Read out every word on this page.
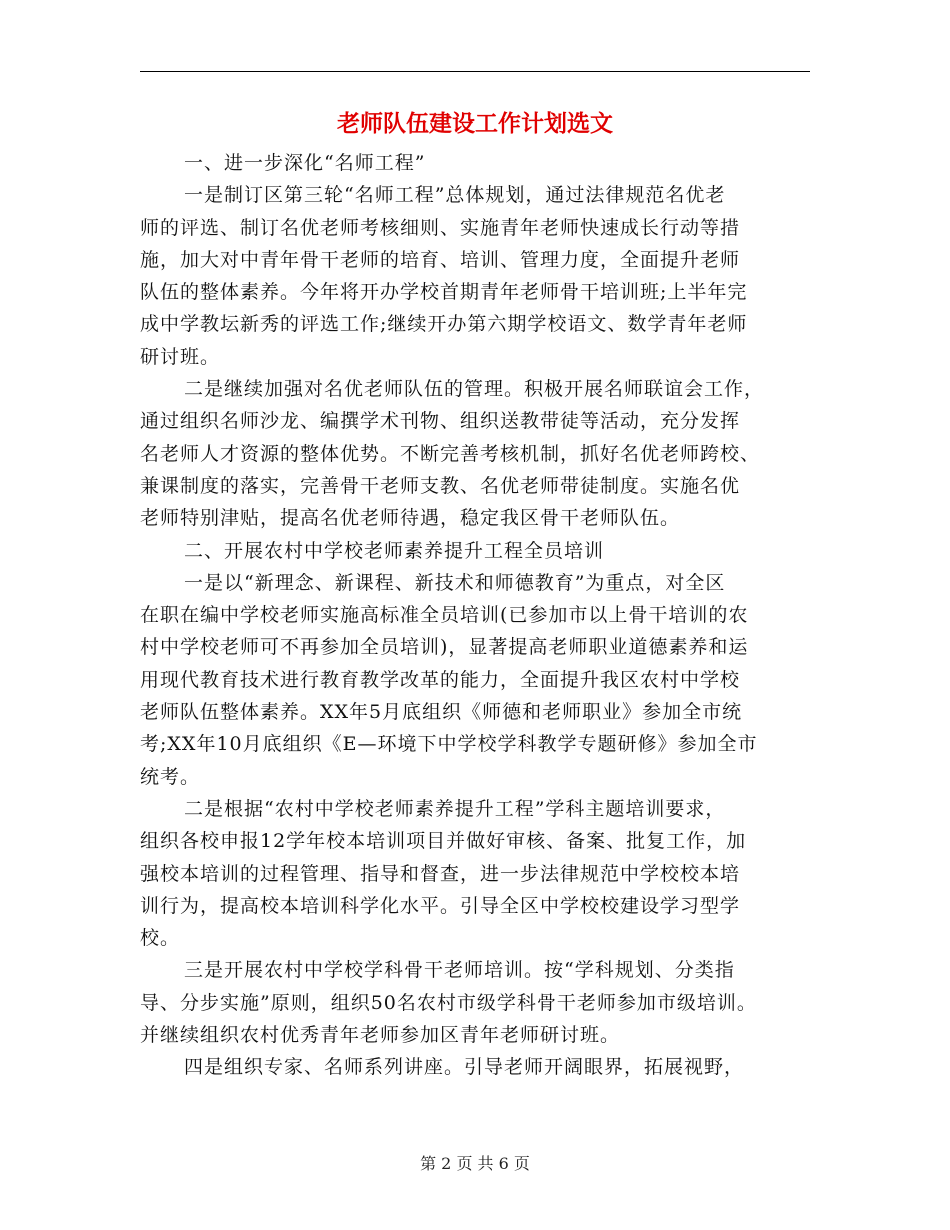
老师队伍建设工作计划选文
一、进一步深化“名师工程”
一是制订区第三轮“名师工程”总体规划，通过法律规范名优老
师的评选、制订名优老师考核细则、实施青年老师快速成长行动等措
施，加大对中青年骨干老师的培育、培训、管理力度，全面提升老师
队伍的整体素养。今年将开办学校首期青年老师骨干培训班;上半年完
成中学教坛新秀的评选工作;继续开办第六期学校语文、数学青年老师
研讨班。
二是继续加强对名优老师队伍的管理。积极开展名师联谊会工作，
通过组织名师沙龙、编撰学术刊物、组织送教带徒等活动，充分发挥
名老师人才资源的整体优势。不断完善考核机制，抓好名优老师跨校、
兼课制度的落实，完善骨干老师支教、名优老师带徒制度。实施名优
老师特别津贴，提高名优老师待遇，稳定我区骨干老师队伍。
二、开展农村中学校老师素养提升工程全员培训
一是以“新理念、新课程、新技术和师德教育”为重点，对全区
在职在编中学校老师实施高标准全员培训(已参加市以上骨干培训的农
村中学校老师可不再参加全员培训)，显著提高老师职业道德素养和运
用现代教育技术进行教育教学改革的能力，全面提升我区农村中学校
老师队伍整体素养。XX年5月底组织《师德和老师职业》参加全市统
考;XX年10月底组织《E—环境下中学校学科教学专题研修》参加全市
统考。
二是根据“农村中学校老师素养提升工程”学科主题培训要求，
组织各校申报12学年校本培训项目并做好审核、备案、批复工作，加
强校本培训的过程管理、指导和督查，进一步法律规范中学校校本培
训行为，提高校本培训科学化水平。引导全区中学校校建设学习型学
校。
三是开展农村中学校学科骨干老师培训。按“学科规划、分类指
导、分步实施”原则，组织50名农村市级学科骨干老师参加市级培训。
并继续组织农村优秀青年老师参加区青年老师研讨班。
四是组织专家、名师系列讲座。引导老师开阔眼界，拓展视野，
第 2 页 共 6 页
